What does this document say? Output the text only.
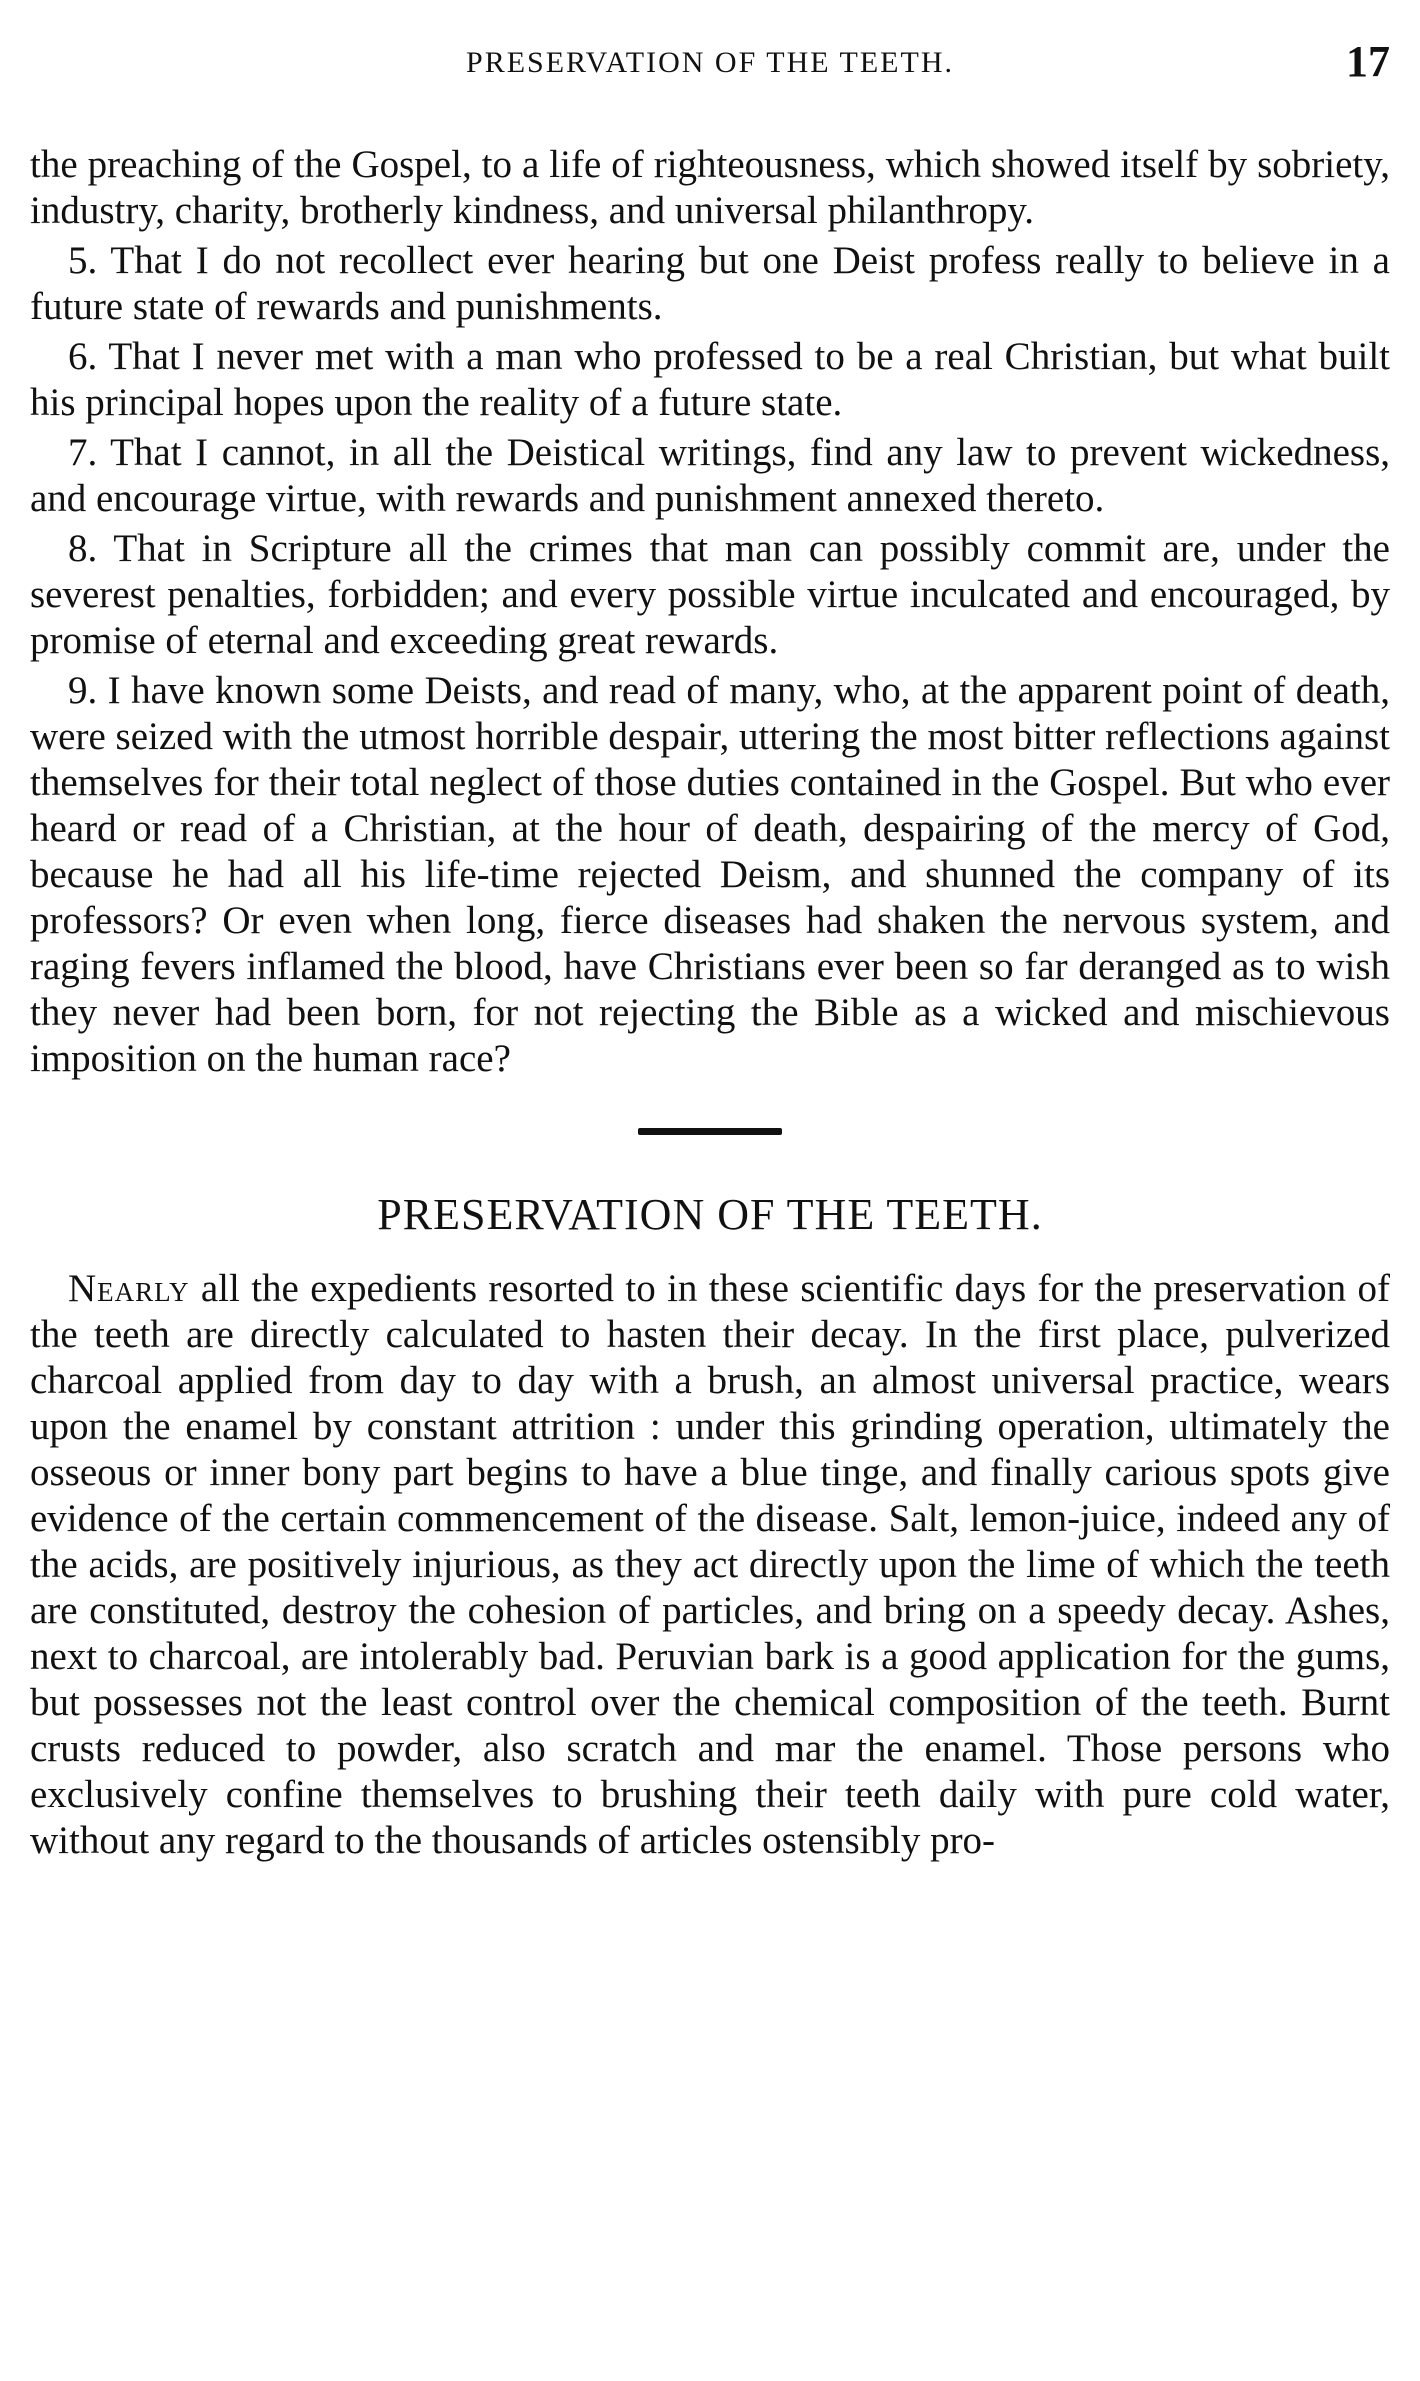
PRESERVATION OF THE TEETH.	17

the preaching of the Gospel, to a life of righteousness, which showed itself by sobriety, industry, charity, brotherly kindness, and universal philanthropy.

5. That I do not recollect ever hearing but one Deist profess really to believe in a future state of rewards and punishments.

6. That I never met with a man who professed to be a real Christian, but what built his principal hopes upon the reality of a future state.

7. That I cannot, in all the Deistical writings, find any law to prevent wickedness, and encourage virtue, with rewards and punishment annexed thereto.

8. That in Scripture all the crimes that man can possibly commit are, under the severest penalties, forbidden; and every possible virtue inculcated and encouraged, by promise of eternal and exceeding great rewards.

9. I have known some Deists, and read of many, who, at the apparent point of death, were seized with the utmost horrible despair, uttering the most bitter reflections against themselves for their total neglect of those duties contained in the Gospel. But who ever heard or read of a Christian, at the hour of death, despairing of the mercy of God, because he had all his life-time rejected Deism, and shunned the company of its professors? Or even when long, fierce diseases had shaken the nervous system, and raging fevers inflamed the blood, have Christians ever been so far deranged as to wish they never had been born, for not rejecting the Bible as a wicked and mischievous imposition on the human race?

PRESERVATION OF THE TEETH.

Nearly all the expedients resorted to in these scientific days for the preservation of the teeth are directly calculated to hasten their decay. In the first place, pulverized charcoal applied from day to day with a brush, an almost universal practice, wears upon the enamel by constant attrition : under this grinding operation, ultimately the osseous or inner bony part begins to have a blue tinge, and finally carious spots give evidence of the certain commencement of the disease. Salt, lemon-juice, indeed any of the acids, are positively injurious, as they act directly upon the lime of which the teeth are constituted, destroy the cohesion of particles, and bring on a speedy decay. Ashes, next to charcoal, are intolerably bad. Peruvian bark is a good application for the gums, but possesses not the least control over the chemical composition of the teeth. Burnt crusts reduced to powder, also scratch and mar the enamel. Those persons who exclusively confine themselves to brushing their teeth daily with pure cold water, without any regard to the thousands of articles ostensibly pro-
